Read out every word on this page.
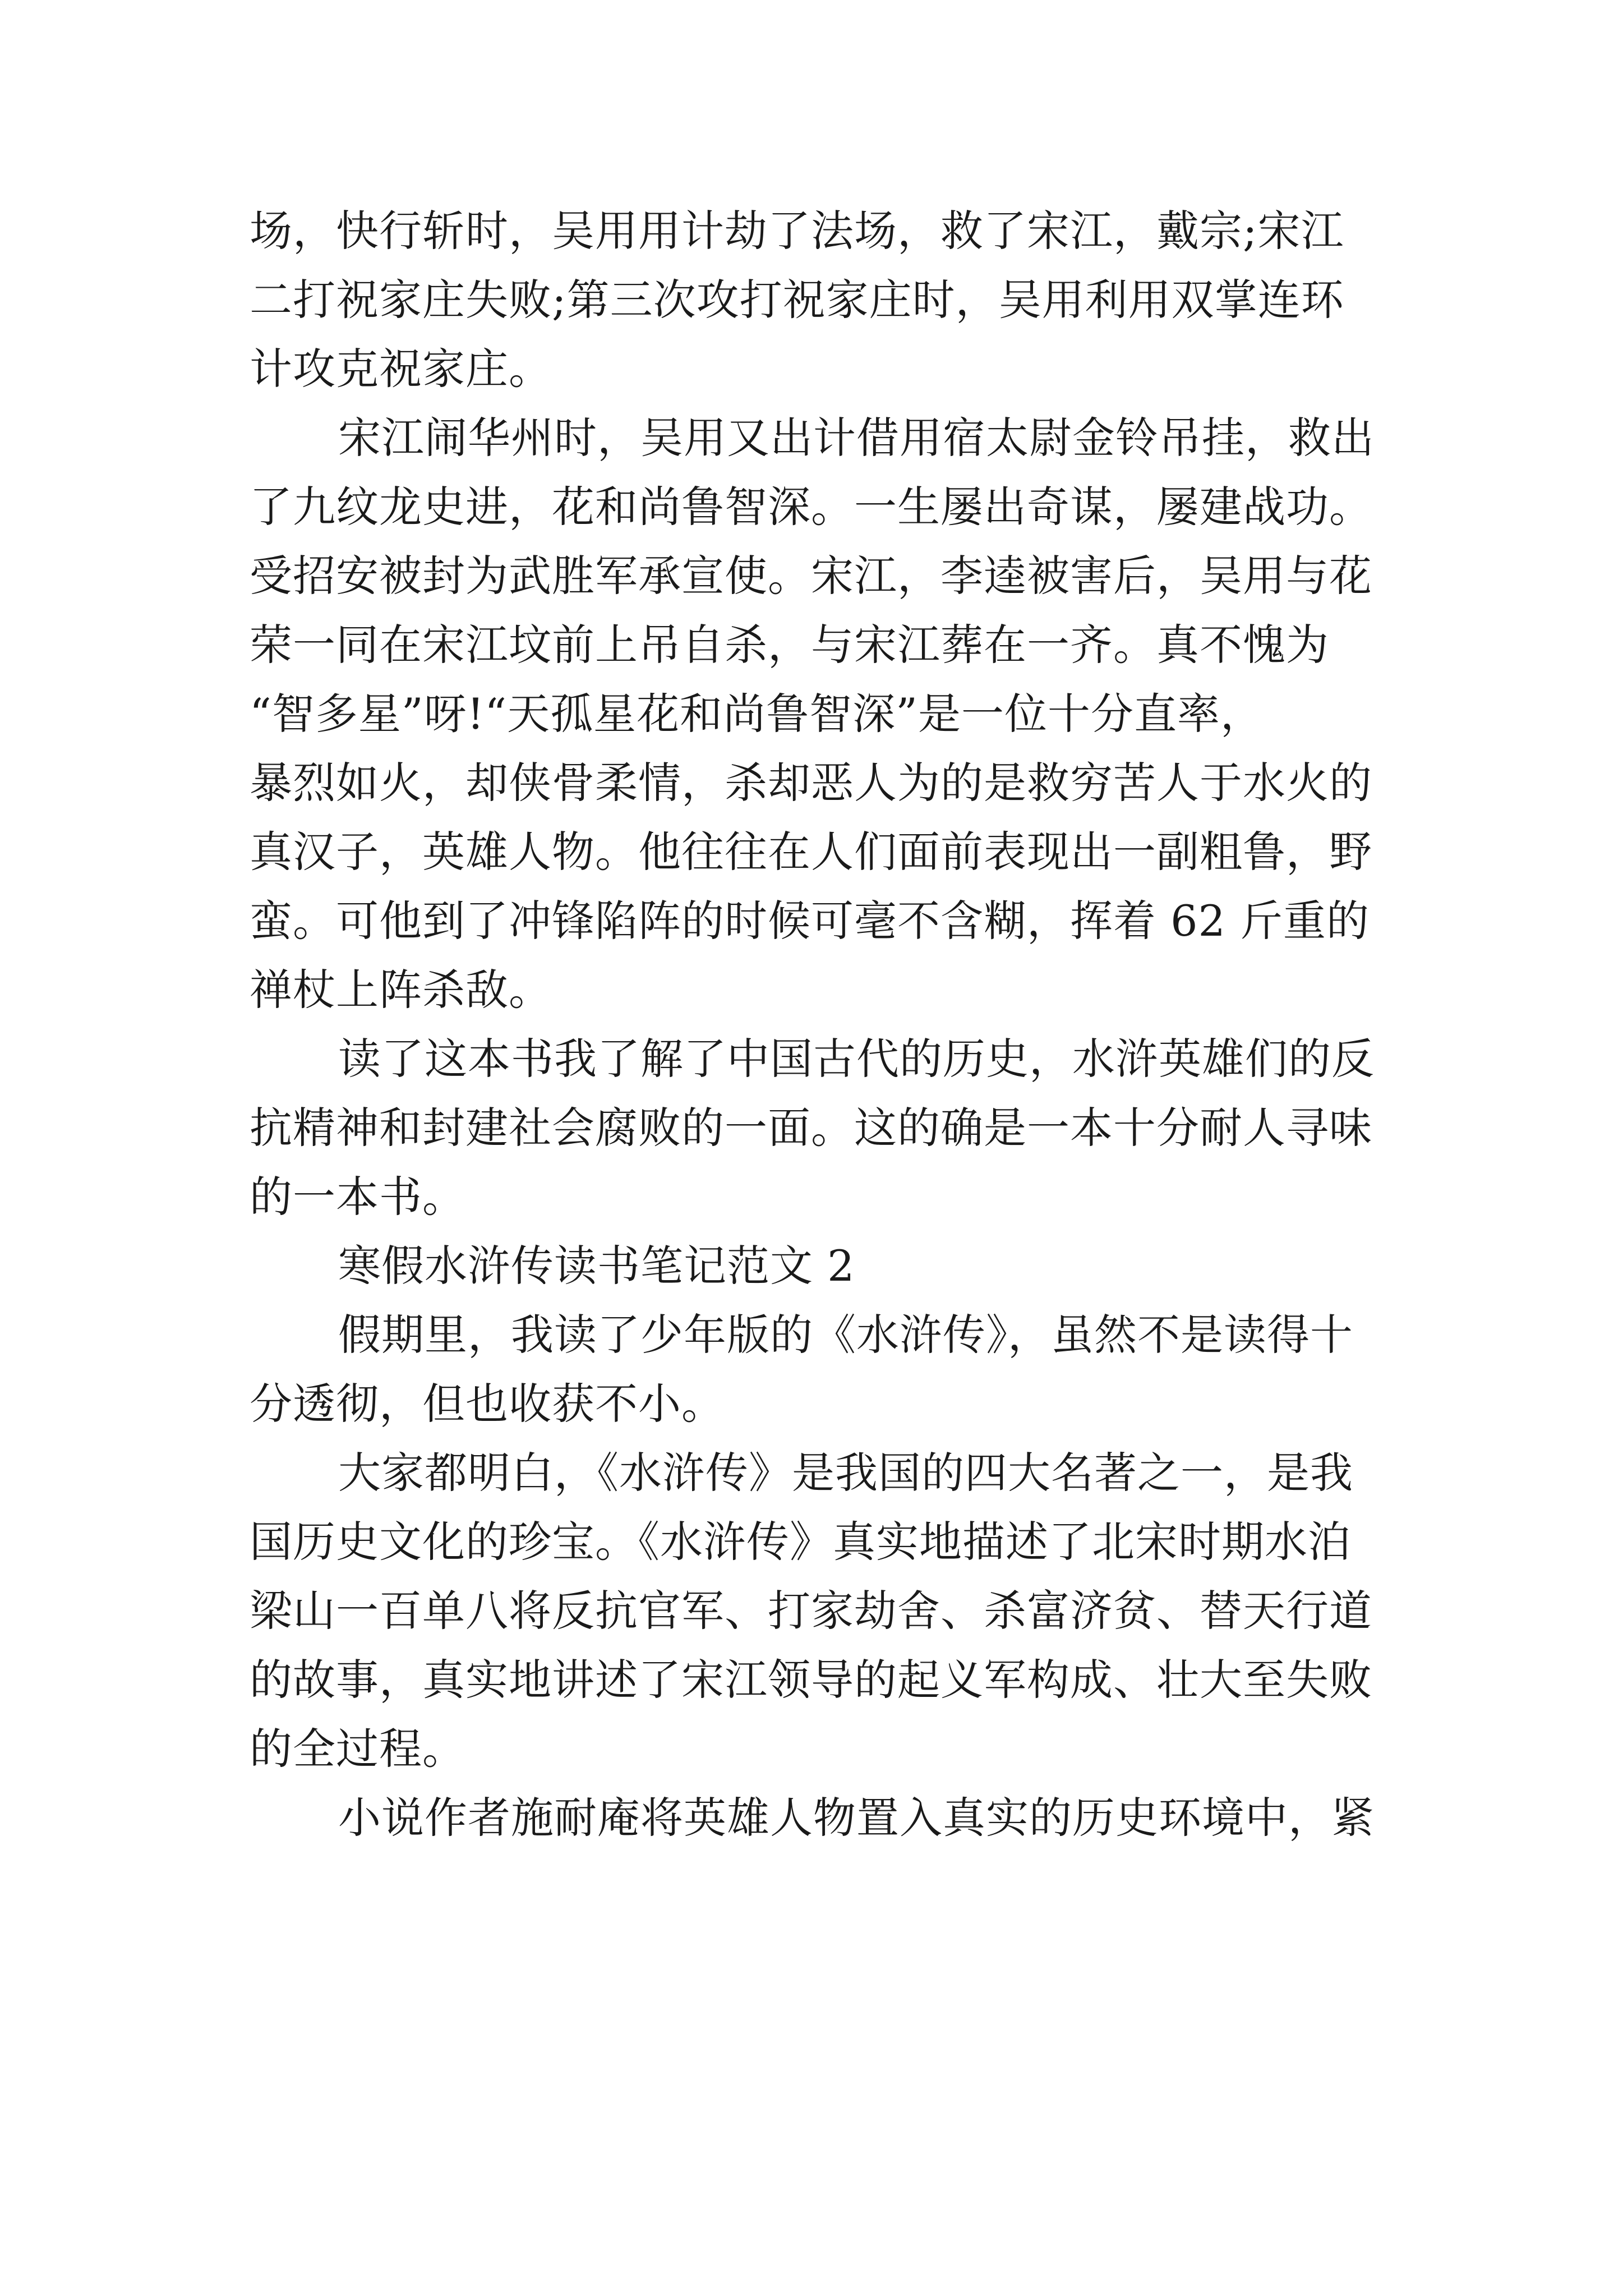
场，快行斩时，吴用用计劫了法场，救了宋江，戴宗;宋江
二打祝家庄失败;第三次攻打祝家庄时，吴用利用双掌连环
计攻克祝家庄。
宋江闹华州时，吴用又出计借用宿太尉金铃吊挂，救出
了九纹龙史进，花和尚鲁智深。一生屡出奇谋，屡建战功。
受招安被封为武胜军承宣使。宋江，李逵被害后，吴用与花
荣一同在宋江坟前上吊自杀，与宋江葬在一齐。真不愧为
“智多星”呀!“天孤星花和尚鲁智深”是一位十分直率，
暴烈如火，却侠骨柔情，杀却恶人为的是救穷苦人于水火的
真汉子，英雄人物。他往往在人们面前表现出一副粗鲁，野
蛮。可他到了冲锋陷阵的时候可毫不含糊，挥着 62 斤重的
禅杖上阵杀敌。
读了这本书我了解了中国古代的历史，水浒英雄们的反
抗精神和封建社会腐败的一面。这的确是一本十分耐人寻味
的一本书。
寒假水浒传读书笔记范文 2
假期里，我读了少年版的《水浒传》，虽然不是读得十
分透彻，但也收获不小。
大家都明白，《水浒传》是我国的四大名著之一，是我
国历史文化的珍宝。《水浒传》真实地描述了北宋时期水泊
梁山一百单八将反抗官军、打家劫舍、杀富济贫、替天行道
的故事，真实地讲述了宋江领导的起义军构成、壮大至失败
的全过程。
小说作者施耐庵将英雄人物置入真实的历史环境中，紧
